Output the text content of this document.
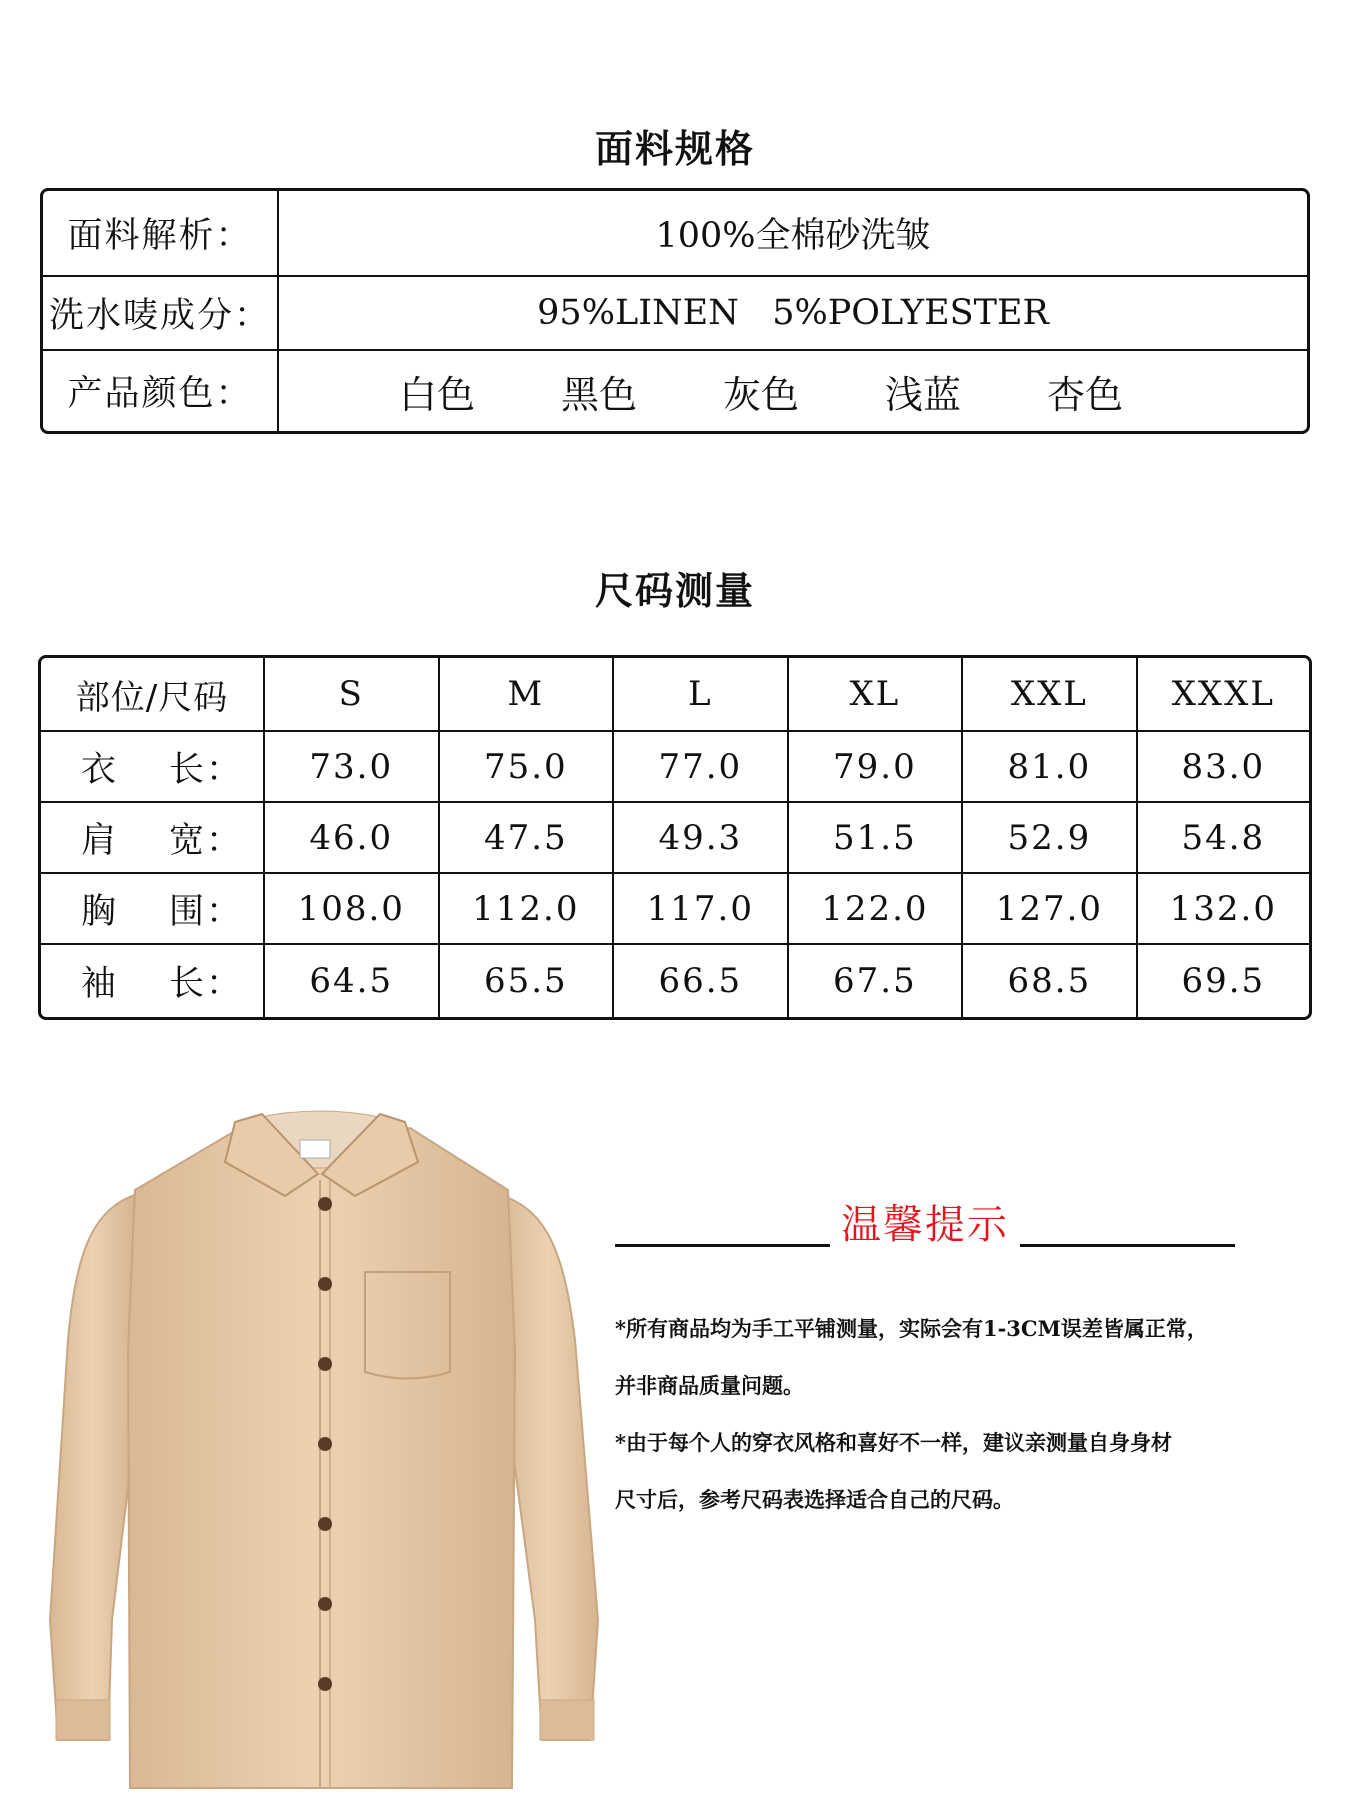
面料规格
面料解析：	100%全棉砂洗皱
洗水唛成分：	95%LINEN   5%POLYESTER
产品颜色：	白色 黑色 灰色 浅蓝 杏色
尺码测量
部位/尺码	S	M	L	XL	XXL	XXXL

衣 长：	73.0	75.0	77.0	79.0	81.0	83.0

肩 宽：	46.0	47.5	49.3	51.5	52.9	54.8

胸 围：	108.0	112.0	117.0	122.0	127.0	132.0

袖 长：	64.5	65.5	66.5	67.5	68.5	69.5
温馨提示

*所有商品均为手工平铺测量，实际会有1-3CM误差皆属正常，

并非商品质量问题。

*由于每个人的穿衣风格和喜好不一样，建议亲测量自身身材

尺寸后，参考尺码表选择适合自己的尺码。
